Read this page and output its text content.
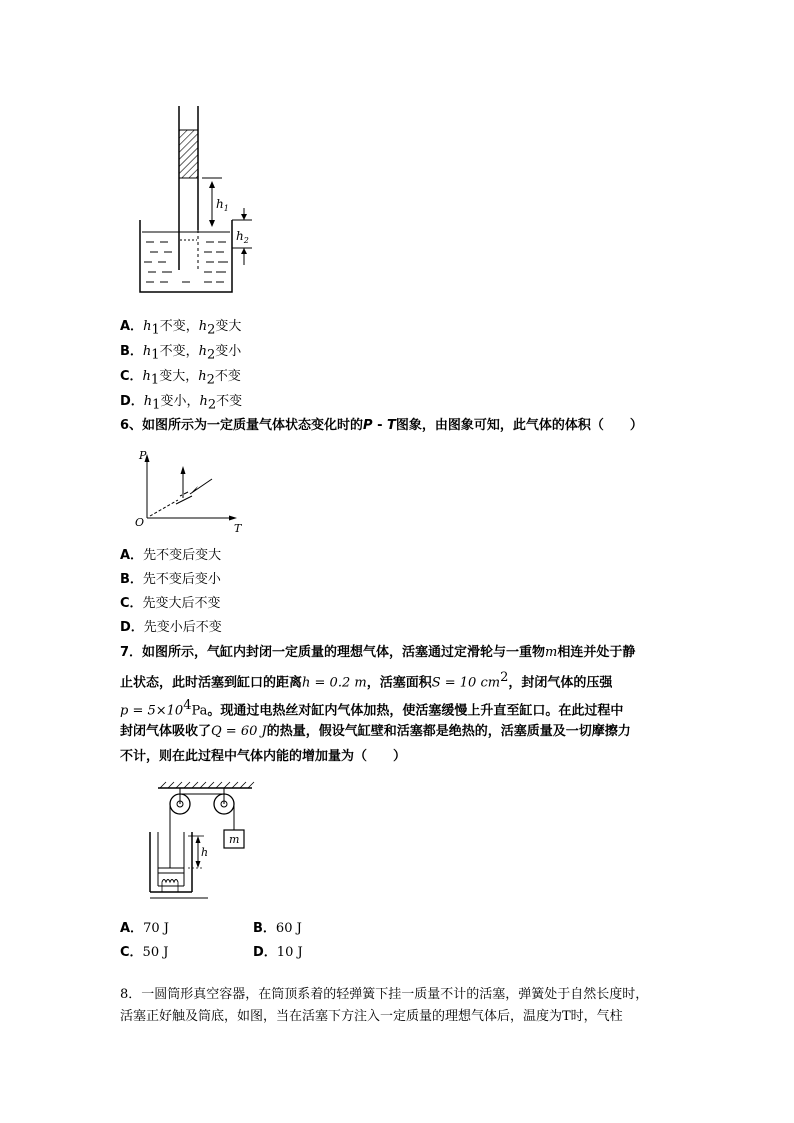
$h_1$
$h_2$
A．$h_1$不变，$h_2$变大
B．$h_1$不变，$h_2$变小
C．$h_1$变大，$h_2$不变
D．$h_1$变小，$h_2$不变
6、如图所示为一定质量气体状态变化时的P - T图象，由图象可知，此气体的体积（　　）
P
T
O
A．先不变后变大
B．先不变后变小
C．先变大后不变
D．先变小后不变
7．如图所示，气缸内封闭一定质量的理想气体，活塞通过定滑轮与一重物m相连并处于静
止状态，此时活塞到缸口的距离h = 0.2 m，活塞面积S = 10 $cm^2$，封闭气体的压强
$p = 5\times 10^4Pa$。现通过电热丝对缸内气体加热，使活塞缓慢上升直至缸口。在此过程中
封闭气体吸收了Q = 60 J的热量，假设气缸壁和活塞都是绝热的，活塞质量及一切摩擦力
不计，则在此过程中气体内能的增加量为（　　）
m
h
A．70 J	B．60 J
C．50 J	D．10 J
8．一圆筒形真空容器，在筒顶系着的轻弹簧下挂一质量不计的活塞，弹簧处于自然长度时，
活塞正好触及筒底，如图，当在活塞下方注入一定质量的理想气体后，温度为T时，气柱
